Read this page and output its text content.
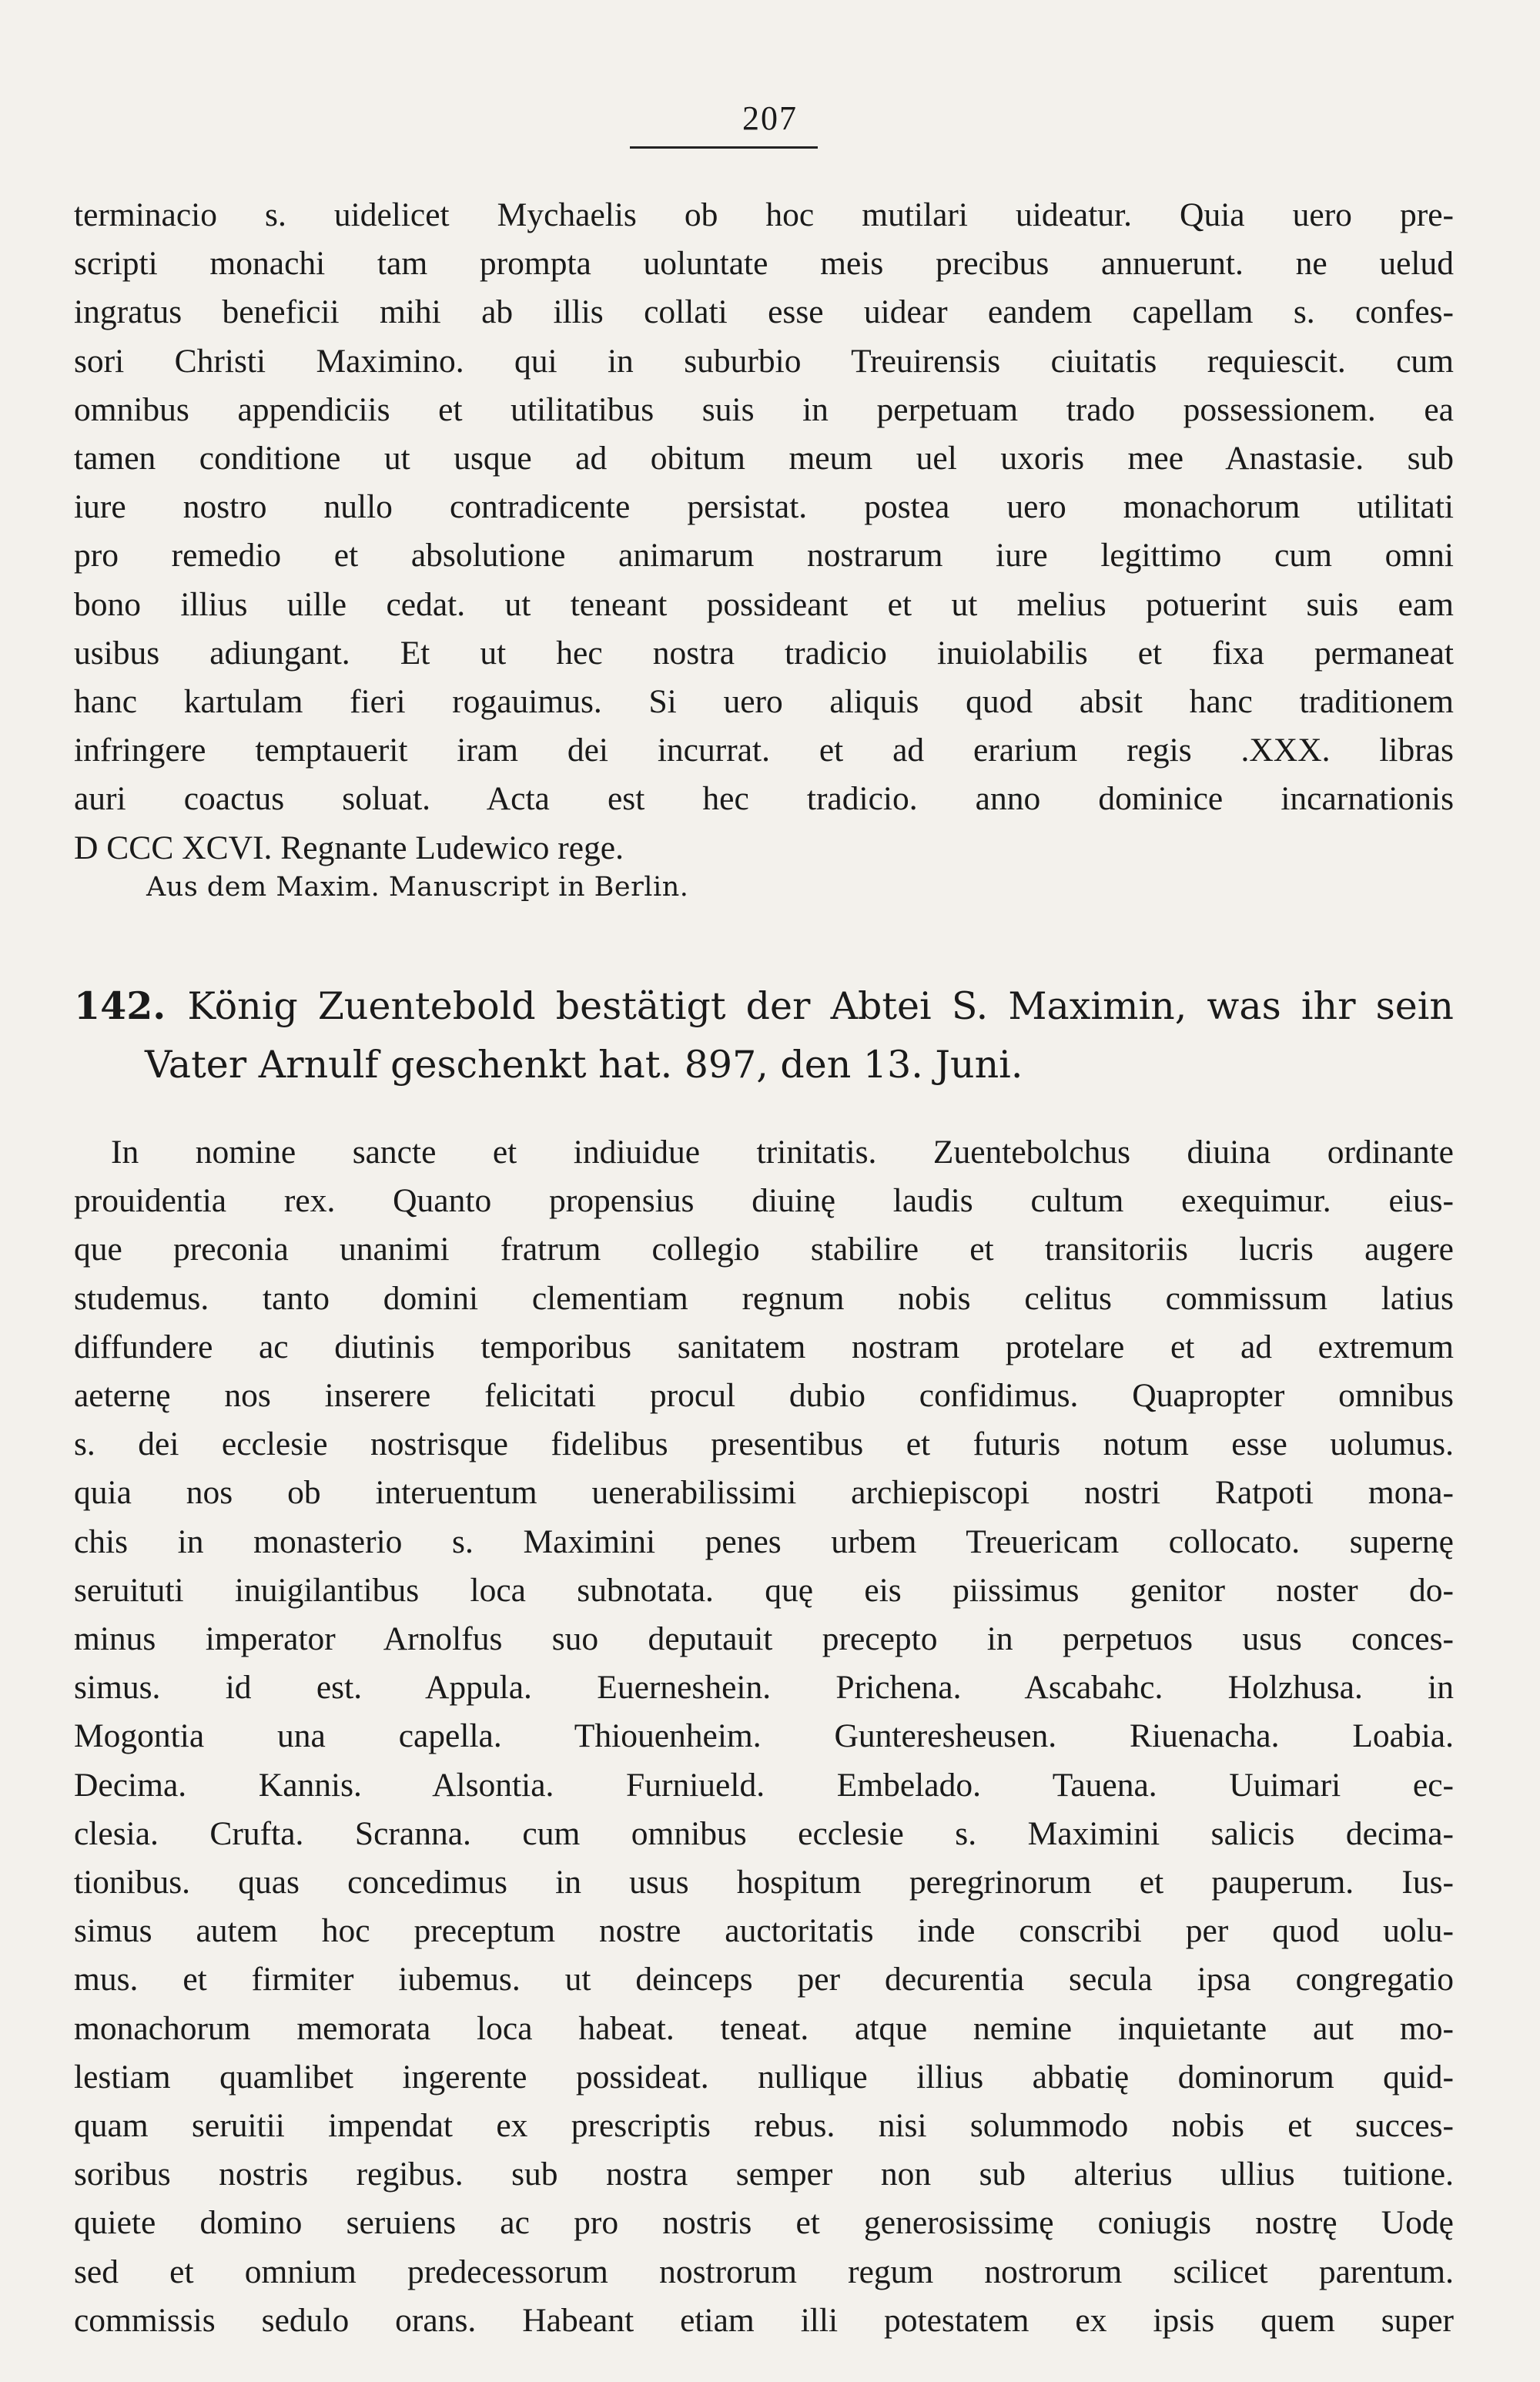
207
terminacio s. uidelicet Mychaelis ob hoc mutilari uideatur. Quia uero pre-
scripti monachi tam prompta uoluntate meis precibus annuerunt. ne uelud
ingratus beneficii mihi ab illis collati esse uidear eandem capellam s. confes-
sori Christi Maximino. qui in suburbio Treuirensis ciuitatis requiescit. cum
omnibus appendiciis et utilitatibus suis in perpetuam trado possessionem. ea
tamen conditione ut usque ad obitum meum uel uxoris mee Anastasie. sub
iure nostro nullo contradicente persistat. postea uero monachorum utilitati
pro remedio et absolutione animarum nostrarum iure legittimo cum omni
bono illius uille cedat. ut teneant possideant et ut melius potuerint suis eam
usibus adiungant. Et ut hec nostra tradicio inuiolabilis et fixa permaneat
hanc kartulam fieri rogauimus. Si uero aliquis quod absit hanc traditionem
infringere temptauerit iram dei incurrat. et ad erarium regis .XXX. libras
auri coactus soluat. Acta est hec tradicio. anno dominice incarnationis
D CCC XCVI. Regnante Ludewico rege.
Aus dem Maxim. Manuscript in Berlin.
142. König Zuentebold bestätigt der Abtei S. Maximin, was ihr sein
Vater Arnulf geschenkt hat. 897, den 13. Juni.
In nomine sancte et indiuidue trinitatis. Zuentebolchus diuina ordinante
prouidentia rex. Quanto propensius diuinę laudis cultum exequimur. eius-
que preconia unanimi fratrum collegio stabilire et transitoriis lucris augere
studemus. tanto domini clementiam regnum nobis celitus commissum latius
diffundere ac diutinis temporibus sanitatem nostram protelare et ad extremum
aeternę nos inserere felicitati procul dubio confidimus. Quapropter omnibus
s. dei ecclesie nostrisque fidelibus presentibus et futuris notum esse uolumus.
quia nos ob interuentum uenerabilissimi archiepiscopi nostri Ratpoti mona-
chis in monasterio s. Maximini penes urbem Treuericam collocato. supernę
seruituti inuigilantibus loca subnotata. quę eis piissimus genitor noster do-
minus imperator Arnolfus suo deputauit precepto in perpetuos usus conces-
simus. id est. Appula. Euerneshein. Prichena. Ascabahc. Holzhusa. in
Mogontia una capella. Thiouenheim. Gunteresheusen. Riuenacha. Loabia.
Decima. Kannis. Alsontia. Furniueld. Embelado. Tauena. Uuimari ec-
clesia. Crufta. Scranna. cum omnibus ecclesie s. Maximini salicis decima-
tionibus. quas concedimus in usus hospitum peregrinorum et pauperum. Ius-
simus autem hoc preceptum nostre auctoritatis inde conscribi per quod uolu-
mus. et firmiter iubemus. ut deinceps per decurentia secula ipsa congregatio
monachorum memorata loca habeat. teneat. atque nemine inquietante aut mo-
lestiam quamlibet ingerente possideat. nullique illius abbatię dominorum quid-
quam seruitii impendat ex prescriptis rebus. nisi solummodo nobis et succes-
soribus nostris regibus. sub nostra semper non sub alterius ullius tuitione.
quiete domino seruiens ac pro nostris et generosissimę coniugis nostrę Uodę
sed et omnium predecessorum nostrorum regum nostrorum scilicet parentum.
commissis sedulo orans. Habeant etiam illi potestatem ex ipsis quem super
